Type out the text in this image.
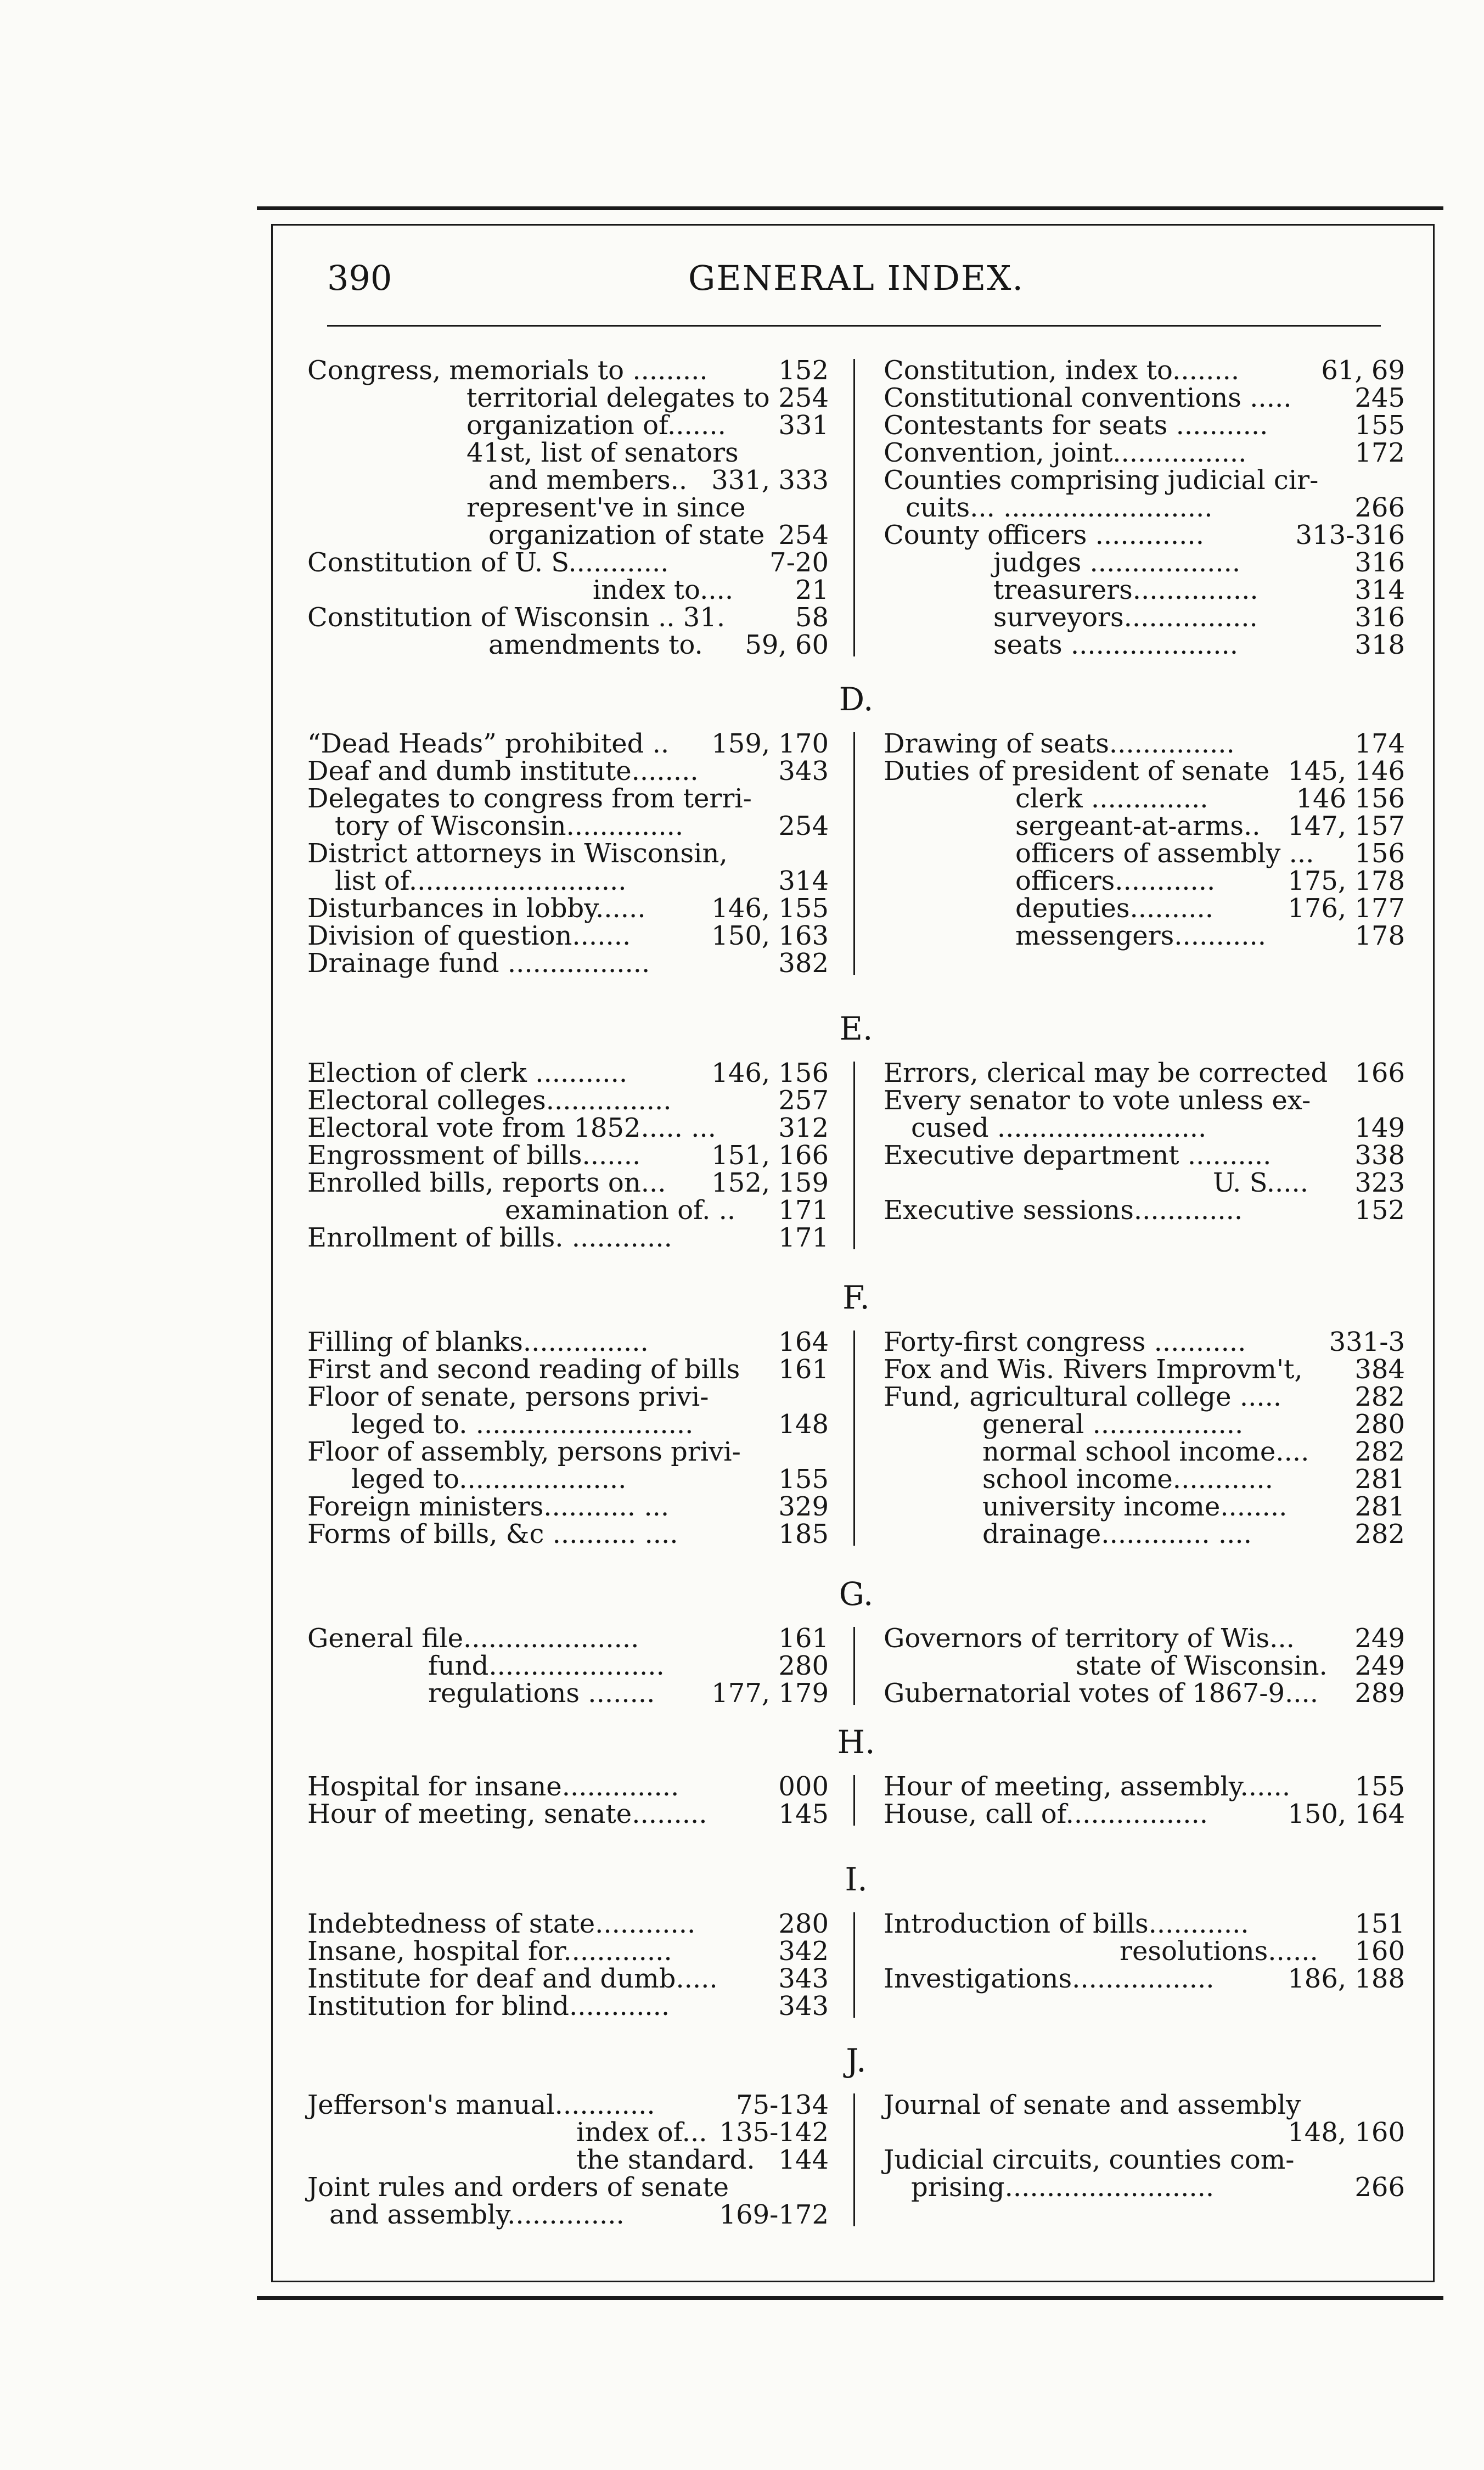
390	GENERAL INDEX.
Congress, memorials to .........	152
territorial delegates to 254
organization of....... 331
41st, list of senators
and members.. 331, 333
represent've in since
organization of state 254
Constitution of U. S............	7-20
index to.... 21
Constitution of Wisconsin .. 31.	58
amendments to. 59, 60
Constitution, index to........	61, 69
Constitutional conventions ..... 245
Contestants for seats ...........	155
Convention, joint................	172
Counties comprising judicial cir-
cuits... .........................	266
County officers .............	313-316
judges ..................	316
treasurers...............	314
surveyors................	316
seats ....................	318
D.
“Dead Heads” prohibited .. 159, 170
Deaf and dumb institute........	343
Delegates to congress from terri-
tory of Wisconsin..............	254
District attorneys in Wisconsin,
list of..........................	314
Disturbances in lobby...... 146, 155
Division of question.......	150, 163
Drainage fund .................	382
Drawing of seats...............	174
Duties of president of senate 145, 146
clerk ..............	146 156
sergeant-at-arms.. 147, 157
officers of assembly ... 156
officers............	175, 178
deputies..........	176, 177
messengers...........	178
E.
Election of clerk ...........	146, 156
Electoral colleges...............	257
Electoral vote from 1852..... ... 312
Engrossment of bills.......	151, 166
Enrolled bills, reports on... 152, 159
examination of. .. 171
Enrollment of bills. ............	171
Errors, clerical may be corrected 166
Every senator to vote unless ex-
cused .........................	149
Executive department ..........	338
U. S..... 323
Executive sessions.............	152
F.
Filling of blanks...............	164
First and second reading of bills 161
Floor of senate, persons privi-
leged to. ..........................	148
Floor of assembly, persons privi-
leged to....................	155
Foreign ministers........... ...	329
Forms of bills, &c .......... ....	185
Forty-first congress ...........	331-3
Fox and Wis. Rivers Improvm't, 384
Fund, agricultural college .....	282
general ..................	280
normal school income.... 282
school income............	281
university income........	281
drainage............. ....	282
G.
General file.....................	161
fund.....................	280
regulations ........ 177, 179
Governors of territory of Wis... 249
state of Wisconsin. 249
Gubernatorial votes of 1867-9.... 289
H.
Hospital for insane..............	000
Hour of meeting, senate.........	145
Hour of meeting, assembly...... 155
House, call of.................	150, 164
I.
Indebtedness of state............	280
Insane, hospital for.............	342
Institute for deaf and dumb..... 343
Institution for blind............	343
Introduction of bills............	151
resolutions...... 160
Investigations.................	186, 188
J.
Jefferson's manual............	75-134
index of... 135-142
the standard. 144
Joint rules and orders of senate
and assembly..............	169-172
Journal of senate and assembly
148, 160
Judicial circuits, counties com-
prising.........................	266
